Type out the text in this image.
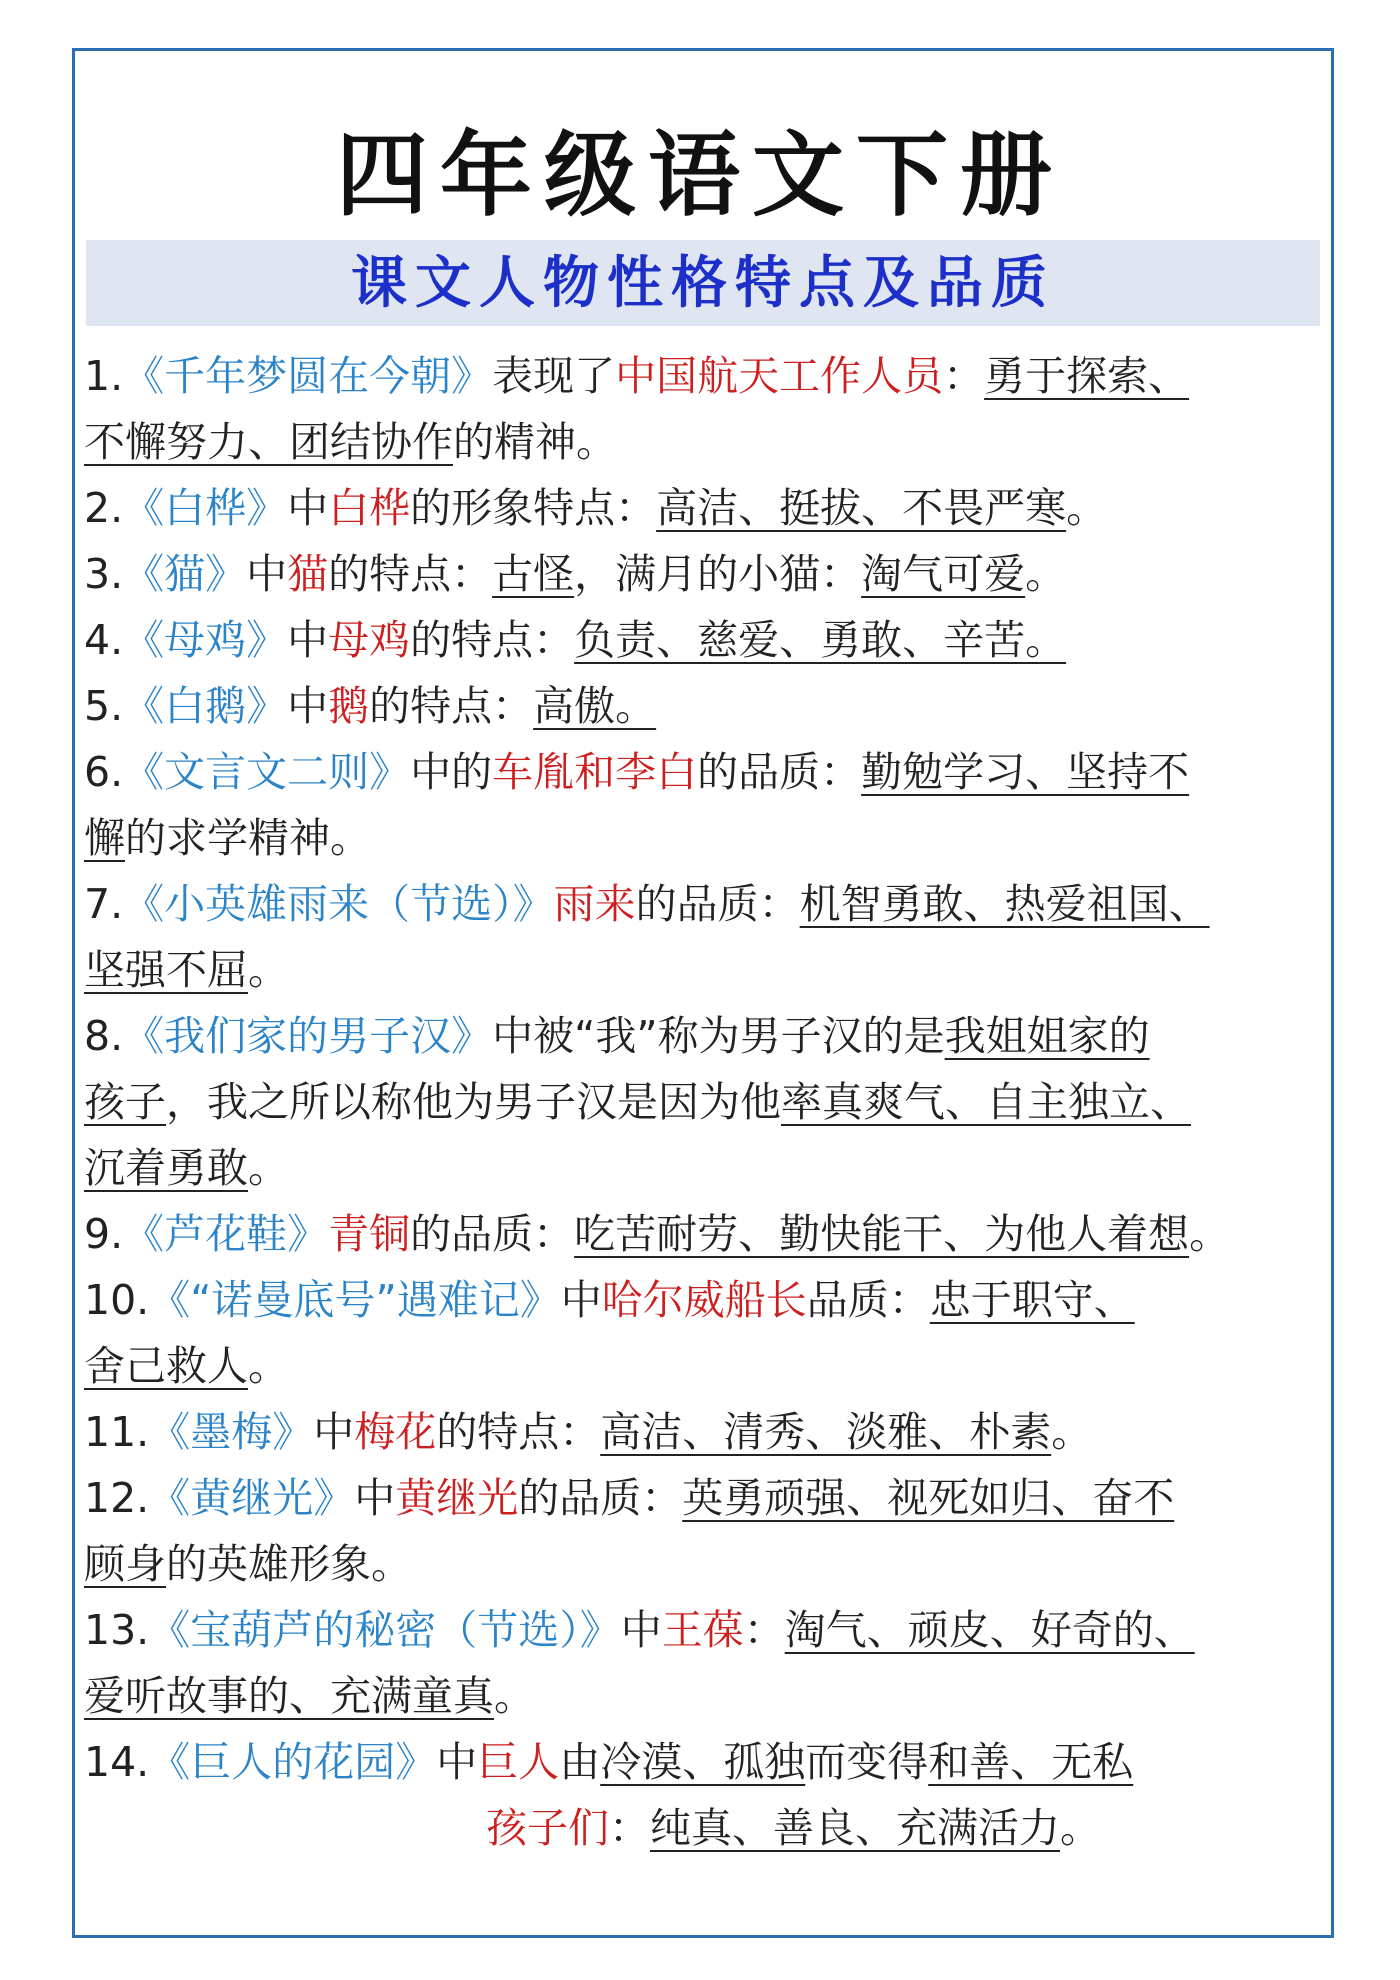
四年级语文下册
课文人物性格特点及品质
1.《千年梦圆在今朝》表现了中国航天工作人员：勇于探索、
不懈努力、团结协作的精神。
2.《白桦》中白桦的形象特点：高洁、挺拔、不畏严寒。
3.《猫》中猫的特点：古怪，满月的小猫：淘气可爱。
4.《母鸡》中母鸡的特点：负责、慈爱、勇敢、辛苦。
5.《白鹅》中鹅的特点：高傲。
6.《文言文二则》中的车胤和李白的品质：勤勉学习、坚持不
懈的求学精神。
7.《小英雄雨来（节选）》雨来的品质：机智勇敢、热爱祖国、
坚强不屈。
8.《我们家的男子汉》中被“我”称为男子汉的是我姐姐家的
孩子，我之所以称他为男子汉是因为他率真爽气、自主独立、
沉着勇敢。
9.《芦花鞋》青铜的品质：吃苦耐劳、勤快能干、为他人着想。
10.《“诺曼底号”遇难记》中哈尔威船长品质：忠于职守、
舍己救人。
11.《墨梅》中梅花的特点：高洁、清秀、淡雅、朴素。
12.《黄继光》中黄继光的品质：英勇顽强、视死如归、奋不
顾身的英雄形象。
13.《宝葫芦的秘密（节选）》中王葆：淘气、顽皮、好奇的、
爱听故事的、充满童真。
14.《巨人的花园》中巨人由冷漠、孤独而变得和善、无私
孩子们：纯真、善良、充满活力。
